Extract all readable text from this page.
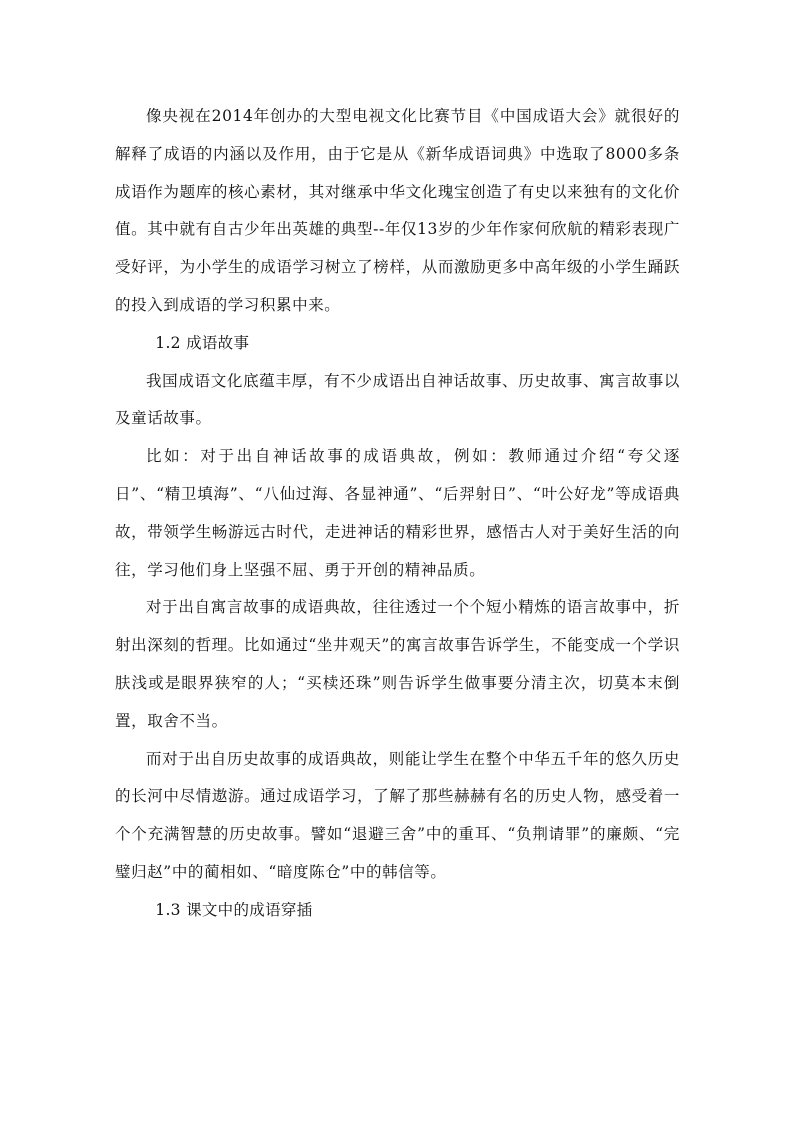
像央视在2014年创办的大型电视文化比赛节目《中国成语大会》就很好的解释了成语的内涵以及作用，由于它是从《新华成语词典》中选取了8000多条成语作为题库的核心素材，其对继承中华文化瑰宝创造了有史以来独有的文化价值。其中就有自古少年出英雄的典型--年仅13岁的少年作家何欣航的精彩表现广受好评，为小学生的成语学习树立了榜样，从而激励更多中高年级的小学生踊跃的投入到成语的学习积累中来。

1.2 成语故事

我国成语文化底蕴丰厚，有不少成语出自神话故事、历史故事、寓言故事以及童话故事。

比如：对于出自神话故事的成语典故，例如：教师通过介绍“夸父逐日”、“精卫填海”、“八仙过海、各显神通”、“后羿射日”、“叶公好龙”等成语典故，带领学生畅游远古时代，走进神话的精彩世界，感悟古人对于美好生活的向往，学习他们身上坚强不屈、勇于开创的精神品质。

对于出自寓言故事的成语典故，往往透过一个个短小精炼的语言故事中，折射出深刻的哲理。比如通过“坐井观天”的寓言故事告诉学生，不能变成一个学识肤浅或是眼界狭窄的人；“买椟还珠”则告诉学生做事要分清主次，切莫本末倒置，取舍不当。

而对于出自历史故事的成语典故，则能让学生在整个中华五千年的悠久历史的长河中尽情遨游。通过成语学习，了解了那些赫赫有名的历史人物，感受着一个个充满智慧的历史故事。譬如“退避三舍”中的重耳、“负荆请罪”的廉颇、“完璧归赵”中的蔺相如、“暗度陈仓”中的韩信等。

1.3 课文中的成语穿插
